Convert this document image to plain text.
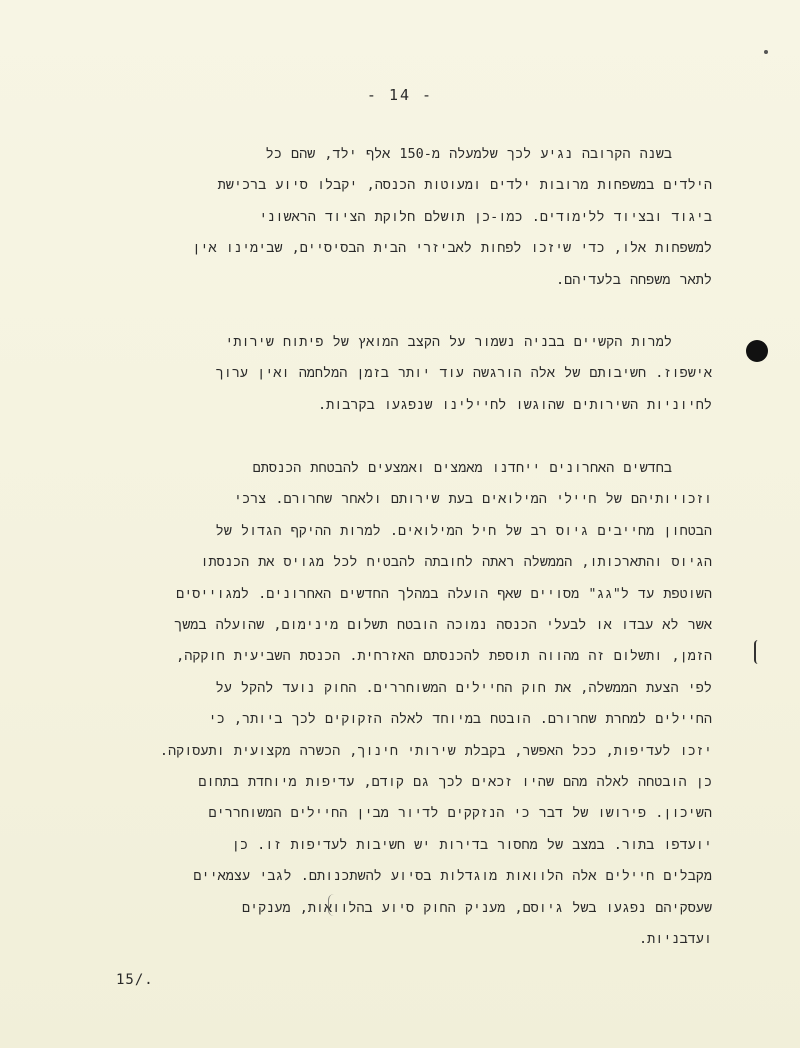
- 14 -
בשנה הקרובה נגיע לכך שלמעלה מ-150 אלף ילד, שהם כל
הילדים במשפחות מרובות ילדים ומעוטות הכנסה, יקבלו סיוע ברכישת
ביגוד ובציוד ללימודים. כמו-כן תושלם חלוקת הציוד הראשוני
למשפחות אלו, כדי שיזכו לפחות לאביזרי הבית הבסיסיים, שבימינו אין
לתאר משפחה בלעדיהם.
למרות הקשיים בבניה נשמור על הקצב המואץ של פיתוח שירותי
אישפוז. חשיבותם של אלה הורגשה עוד יותר בזמן המלחמה ואין ערוך
לחיוניות השירותים שהוגשו לחיילינו שנפגעו בקרבות.
בחדשים האחרונים ייחדנו מאמצים ואמצעים להבטחת הכנסתם
וזכויותיהם של חיילי המילואים בעת שירותם ולאחר שחרורם. צרכי
הבטחון מחייבים גיוס רב של חיל המילואים. למרות ההיקף הגדול של
הגיוס והתארכותו, הממשלה ראתה לחובתה להבטיח לכל מגויס את הכנסתו
השוטפת עד ל"גג" מסויים שאף הועלה במהלך החדשים האחרונים. למגוייסים
אשר לא עבדו או לבעלי הכנסה נמוכה הובטח תשלום מינימום, שהועלה במשך
הזמן, ותשלום זה מהווה תוספת להכנסתם האזרחית. הכנסת השביעית חוקקה,
לפי הצעת הממשלה, את חוק החיילים המשוחררים. החוק נועד להקל על
החיילים למחרת שחרורם. הובטח במיוחד לאלה הזקוקים לכך ביותר, כי
יזכו לעדיפות, ככל האפשר, בקבלת שירותי חינוך, הכשרה מקצועית ותעסוקה.
כן הובטחה לאלה מהם שהיו זכאים לכך גם קודם, עדיפות מיוחדת בתחום
השיכון. פירושו של דבר כי הנזקקים לדיור מבין החיילים המשוחררים
יועדפו בתור. במצב של מחסור בדירות יש חשיבות לעדיפות זו. כן
מקבלים חיילים אלה הלוואות מוגדלות בסיוע להשתכנותם. לגבי עצמאיים
שעסקיהם נפגעו בשל גיוסם, מעניק החוק סיוע בהלוואות, מענקים
ועדבניות.
15/.
